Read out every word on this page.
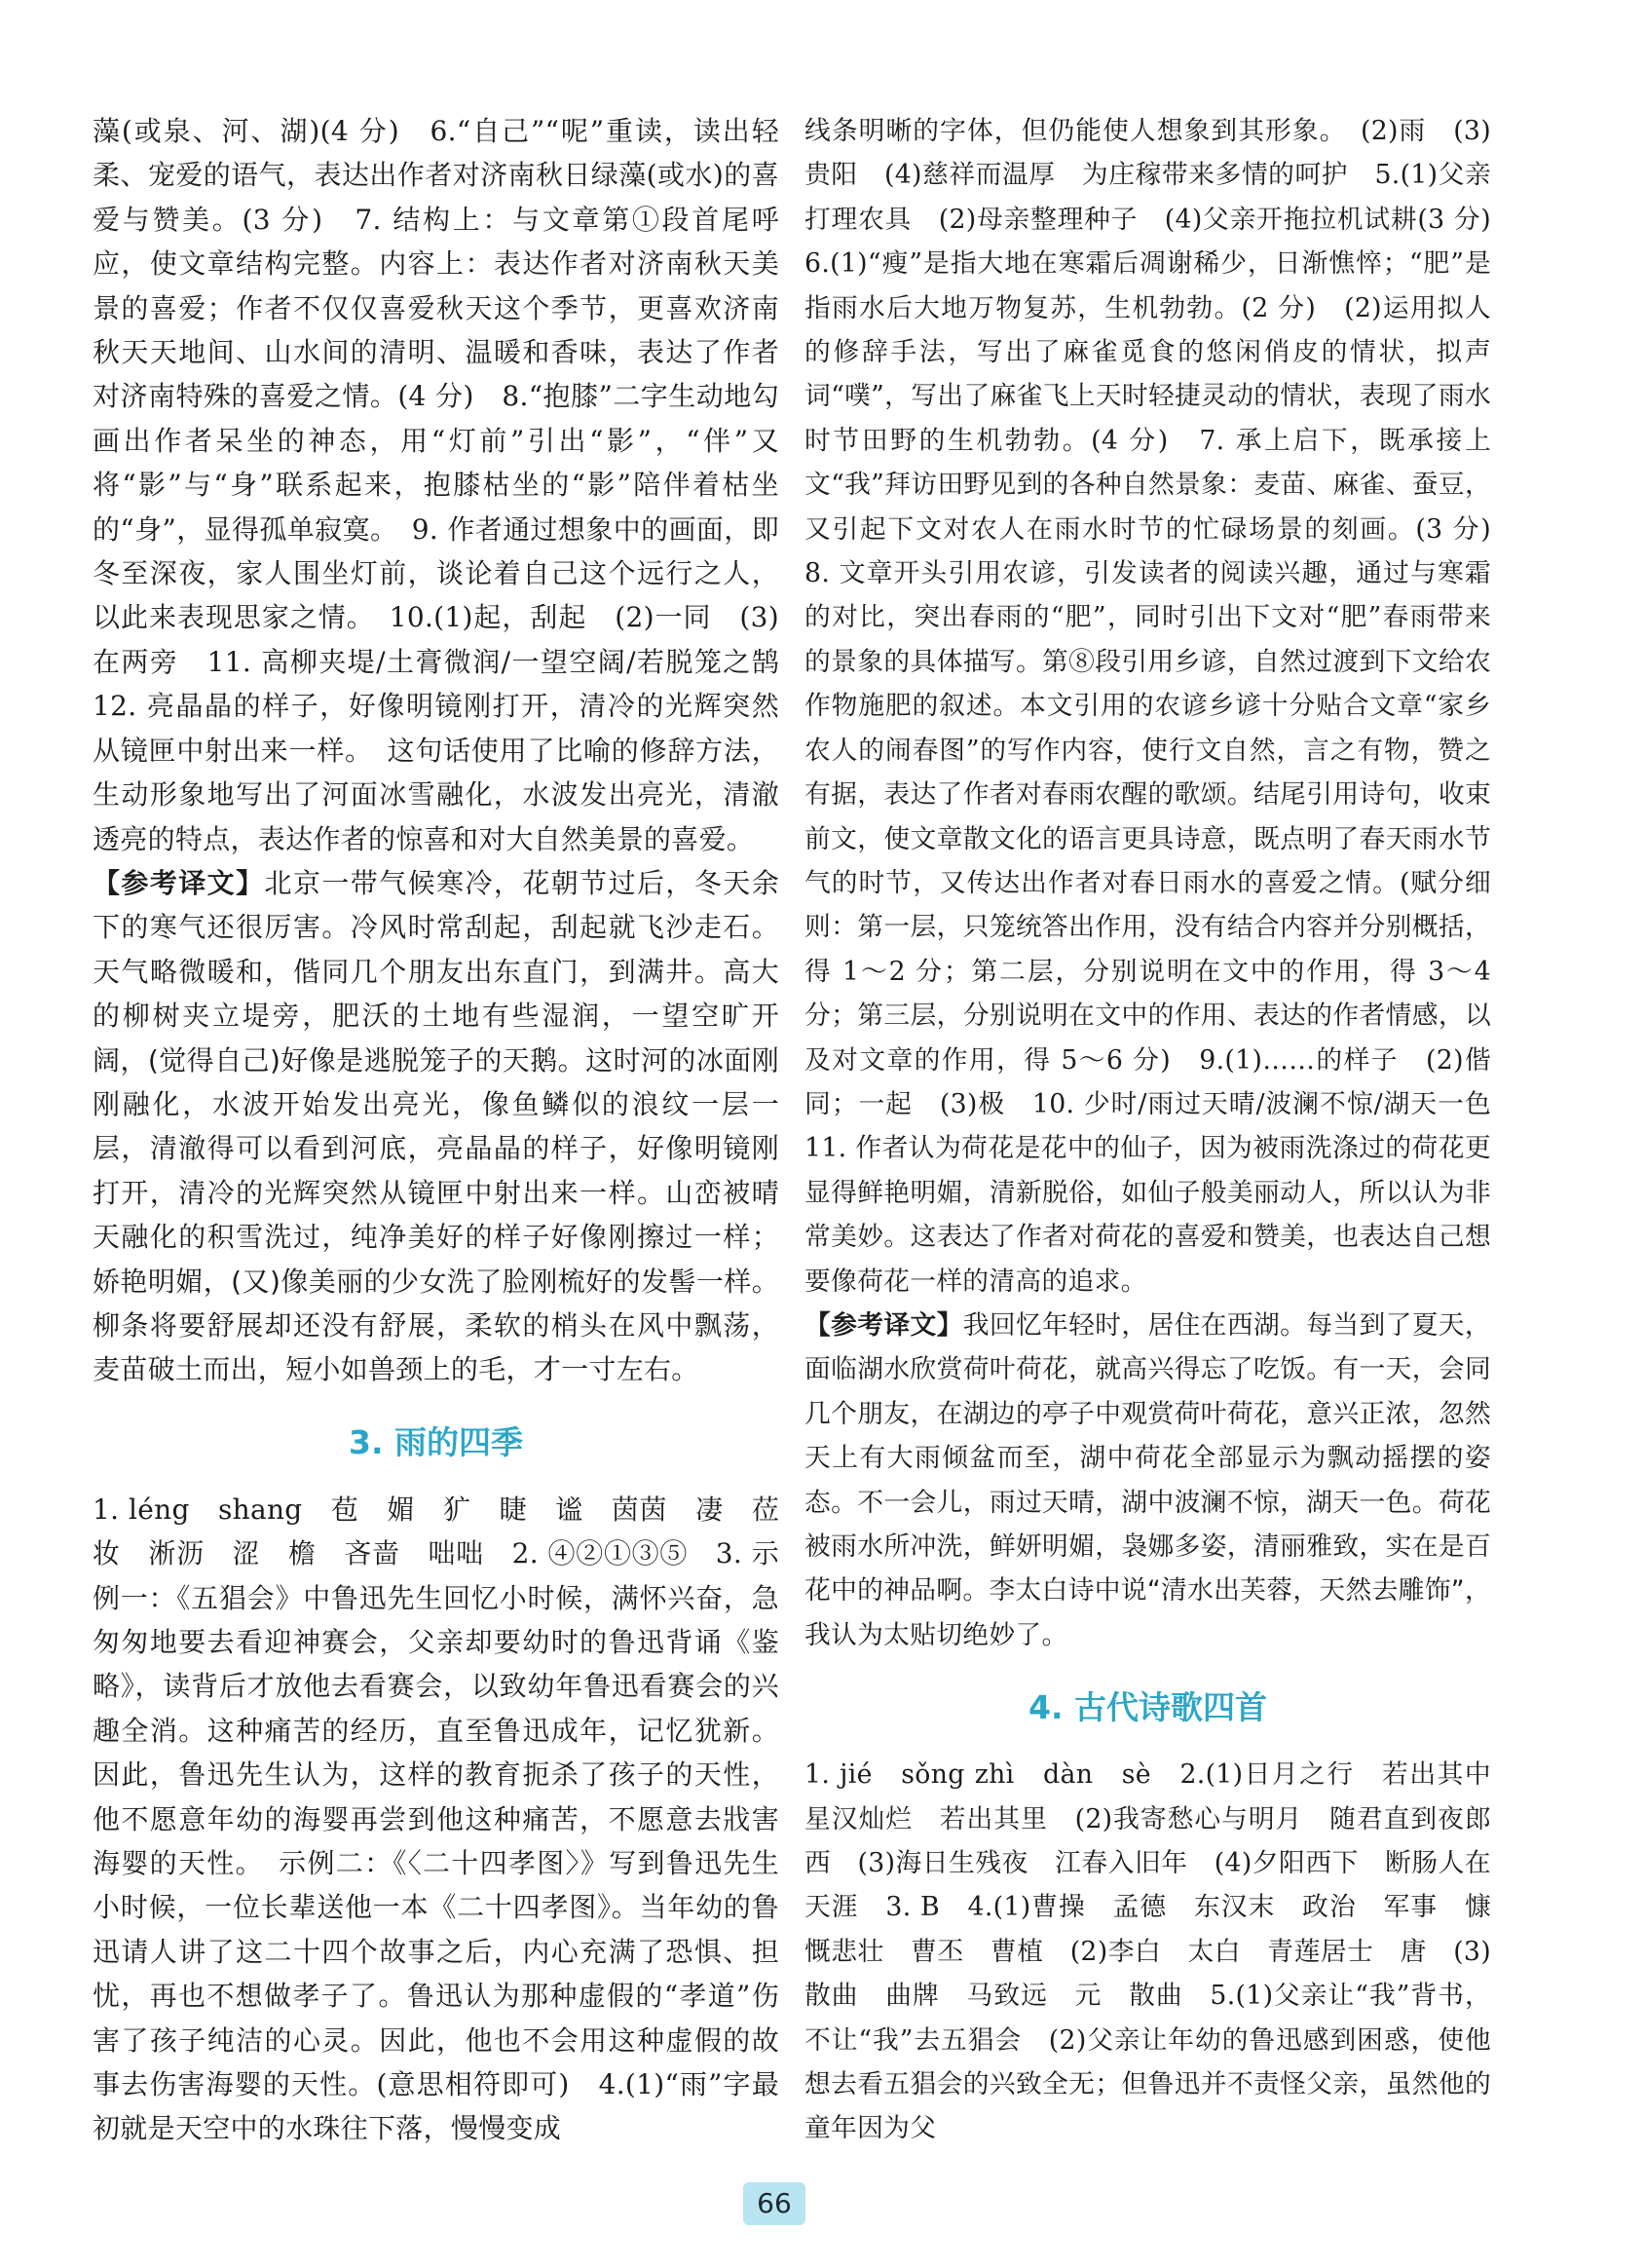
藻(或泉、河、湖)(4 分)　6.“自己”“呢”重读，读出轻柔、宠爱的语气，表达出作者对济南秋日绿藻(或水)的喜爱与赞美。(3 分)　7. 结构上：与文章第①段首尾呼应，使文章结构完整。内容上：表达作者对济南秋天美景的喜爱；作者不仅仅喜爱秋天这个季节，更喜欢济南秋天天地间、山水间的清明、温暖和香味，表达了作者对济南特殊的喜爱之情。(4 分)　8.“抱膝”二字生动地勾画出作者呆坐的神态，用“灯前”引出“影”，“伴”又将“影”与“身”联系起来，抱膝枯坐的“影”陪伴着枯坐的“身”，显得孤单寂寞。　9. 作者通过想象中的画面，即冬至深夜，家人围坐灯前，谈论着自己这个远行之人，以此来表现思家之情。　10.(1)起，刮起　(2)一同　(3)在两旁　11. 高柳夹堤/土膏微润/一望空阔/若脱笼之鹄　12. 亮晶晶的样子，好像明镜刚打开，清冷的光辉突然从镜匣中射出来一样。　这句话使用了比喻的修辞方法，生动形象地写出了河面冰雪融化，水波发出亮光，清澈透亮的特点，表达作者的惊喜和对大自然美景的喜爱。

【参考译文】北京一带气候寒冷，花朝节过后，冬天余下的寒气还很厉害。冷风时常刮起，刮起就飞沙走石。天气略微暖和，偕同几个朋友出东直门，到满井。高大的柳树夹立堤旁，肥沃的土地有些湿润，一望空旷开阔，(觉得自己)好像是逃脱笼子的天鹅。这时河的冰面刚刚融化，水波开始发出亮光，像鱼鳞似的浪纹一层一层，清澈得可以看到河底，亮晶晶的样子，好像明镜刚打开，清冷的光辉突然从镜匣中射出来一样。山峦被晴天融化的积雪洗过，纯净美好的样子好像刚擦过一样；娇艳明媚，(又)像美丽的少女洗了脸刚梳好的发髻一样。柳条将要舒展却还没有舒展，柔软的梢头在风中飘荡，麦苗破土而出，短小如兽颈上的毛，才一寸左右。

3. 雨的四季

1. léng　shang　苞　媚　犷　睫　谧　茵茵　凄　莅　妆　淅沥　涩　檐　吝啬　咄咄　2. ④②①③⑤　3. 示例一：《五猖会》中鲁迅先生回忆小时候，满怀兴奋，急匆匆地要去看迎神赛会，父亲却要幼时的鲁迅背诵《鉴略》，读背后才放他去看赛会，以致幼年鲁迅看赛会的兴趣全消。这种痛苦的经历，直至鲁迅成年，记忆犹新。因此，鲁迅先生认为，这样的教育扼杀了孩子的天性，他不愿意年幼的海婴再尝到他这种痛苦，不愿意去戕害海婴的天性。　示例二：《〈二十四孝图〉》写到鲁迅先生小时候，一位长辈送他一本《二十四孝图》。当年幼的鲁迅请人讲了这二十四个故事之后，内心充满了恐惧、担忧，再也不想做孝子了。鲁迅认为那种虚假的“孝道”伤害了孩子纯洁的心灵。因此，他也不会用这种虚假的故事去伤害海婴的天性。(意思相符即可)　4.(1)“雨”字最初就是天空中的水珠往下落，慢慢变成

线条明晰的字体，但仍能使人想象到其形象。　(2)雨　(3)贵阳　(4)慈祥而温厚　为庄稼带来多情的呵护　5.(1)父亲打理农具　(2)母亲整理种子　(4)父亲开拖拉机试耕(3 分)　6.(1)“瘦”是指大地在寒霜后凋谢稀少，日渐憔悴；“肥”是指雨水后大地万物复苏，生机勃勃。(2 分)　(2)运用拟人的修辞手法，写出了麻雀觅食的悠闲俏皮的情状，拟声词“噗”，写出了麻雀飞上天时轻捷灵动的情状，表现了雨水时节田野的生机勃勃。(4 分)　7. 承上启下，既承接上文“我”拜访田野见到的各种自然景象：麦苗、麻雀、蚕豆，又引起下文对农人在雨水时节的忙碌场景的刻画。(3 分)　8. 文章开头引用农谚，引发读者的阅读兴趣，通过与寒霜的对比，突出春雨的“肥”，同时引出下文对“肥”春雨带来的景象的具体描写。第⑧段引用乡谚，自然过渡到下文给农作物施肥的叙述。本文引用的农谚乡谚十分贴合文章“家乡农人的闹春图”的写作内容，使行文自然，言之有物，赞之有据，表达了作者对春雨农醒的歌颂。结尾引用诗句，收束前文，使文章散文化的语言更具诗意，既点明了春天雨水节气的时节，又传达出作者对春日雨水的喜爱之情。(赋分细则：第一层，只笼统答出作用，没有结合内容并分别概括，得 1～2 分；第二层，分别说明在文中的作用，得 3～4 分；第三层，分别说明在文中的作用、表达的作者情感，以及对文章的作用，得 5～6 分)　9.(1)……的样子　(2)偕同；一起　(3)极　10. 少时/雨过天晴/波澜不惊/湖天一色　11. 作者认为荷花是花中的仙子，因为被雨洗涤过的荷花更显得鲜艳明媚，清新脱俗，如仙子般美丽动人，所以认为非常美妙。这表达了作者对荷花的喜爱和赞美，也表达自己想要像荷花一样的清高的追求。

【参考译文】我回忆年轻时，居住在西湖。每当到了夏天，面临湖水欣赏荷叶荷花，就高兴得忘了吃饭。有一天，会同几个朋友，在湖边的亭子中观赏荷叶荷花，意兴正浓，忽然天上有大雨倾盆而至，湖中荷花全部显示为飘动摇摆的姿态。不一会儿，雨过天晴，湖中波澜不惊，湖天一色。荷花被雨水所冲洗，鲜妍明媚，袅娜多姿，清丽雅致，实在是百花中的神品啊。李太白诗中说“清水出芙蓉，天然去雕饰”，我认为太贴切绝妙了。

4. 古代诗歌四首

1. jié　sǒng zhì　dàn　sè　2.(1)日月之行　若出其中　星汉灿烂　若出其里　(2)我寄愁心与明月　随君直到夜郎西　(3)海日生残夜　江春入旧年　(4)夕阳西下　断肠人在天涯　3. B　4.(1)曹操　孟德　东汉末　政治　军事　慷慨悲壮　曹丕　曹植　(2)李白　太白　青莲居士　唐　(3)散曲　曲牌　马致远　元　散曲　5.(1)父亲让“我”背书，不让“我”去五猖会　(2)父亲让年幼的鲁迅感到困惑，使他想去看五猖会的兴致全无；但鲁迅并不责怪父亲，虽然他的童年因为父

66
